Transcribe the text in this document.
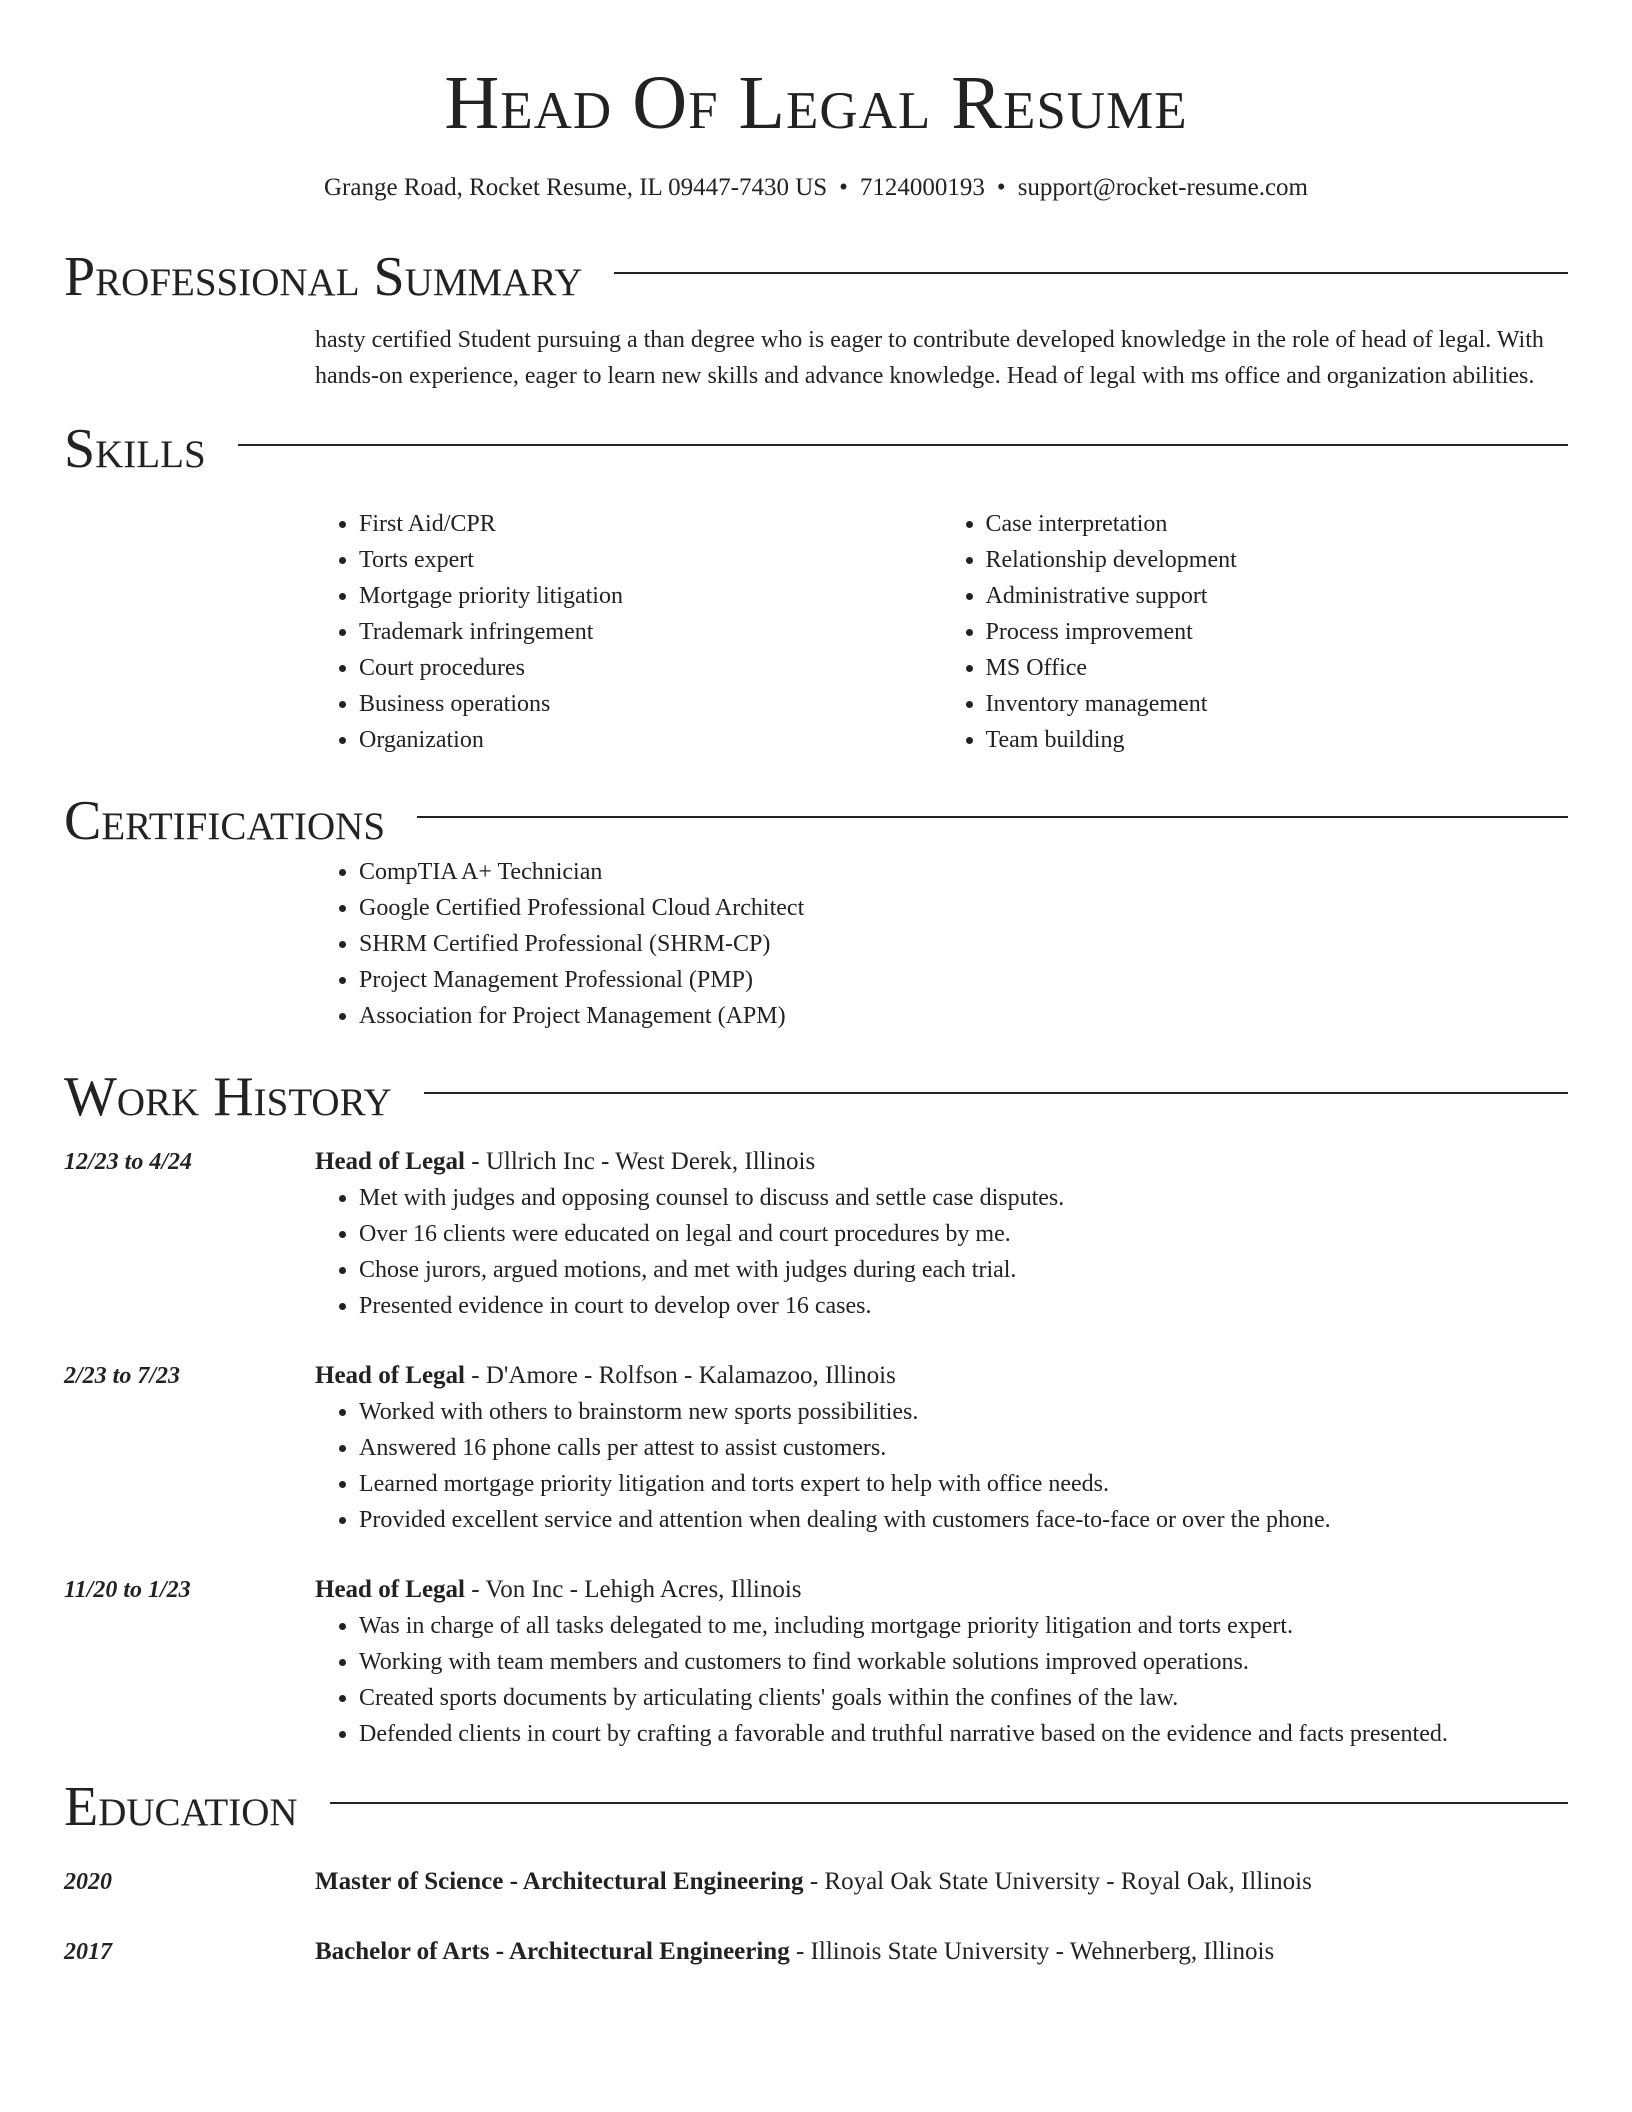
Head Of Legal Resume
Grange Road, Rocket Resume, IL 09447-7430 US • 7124000193 • support@rocket-resume.com
Professional Summary

hasty certified Student pursuing a than degree who is eager to contribute developed knowledge in the role of head of legal. With hands-on experience, eager to learn new skills and advance knowledge. Head of legal with ms office and organization abilities.

Skills
• First Aid/CPR
• Torts expert
• Mortgage priority litigation
• Trademark infringement
• Court procedures
• Business operations
• Organization
• Case interpretation
• Relationship development
• Administrative support
• Process improvement
• MS Office
• Inventory management
• Team building
Certifications
• CompTIA A+ Technician
• Google Certified Professional Cloud Architect
• SHRM Certified Professional (SHRM-CP)
• Project Management Professional (PMP)
• Association for Project Management (APM)
Work History
12/23 to 4/24	Head of Legal - Ullrich Inc - West Derek, Illinois
• Met with judges and opposing counsel to discuss and settle case disputes.
• Over 16 clients were educated on legal and court procedures by me.
• Chose jurors, argued motions, and met with judges during each trial.
• Presented evidence in court to develop over 16 cases.
2/23 to 7/23	Head of Legal - D'Amore - Rolfson - Kalamazoo, Illinois
• Worked with others to brainstorm new sports possibilities.
• Answered 16 phone calls per attest to assist customers.
• Learned mortgage priority litigation and torts expert to help with office needs.
• Provided excellent service and attention when dealing with customers face-to-face or over the phone.
11/20 to 1/23	Head of Legal - Von Inc - Lehigh Acres, Illinois
• Was in charge of all tasks delegated to me, including mortgage priority litigation and torts expert.
• Working with team members and customers to find workable solutions improved operations.
• Created sports documents by articulating clients' goals within the confines of the law.
• Defended clients in court by crafting a favorable and truthful narrative based on the evidence and facts presented.
Education
2020	Master of Science - Architectural Engineering - Royal Oak State University - Royal Oak, Illinois
2017	Bachelor of Arts - Architectural Engineering - Illinois State University - Wehnerberg, Illinois
